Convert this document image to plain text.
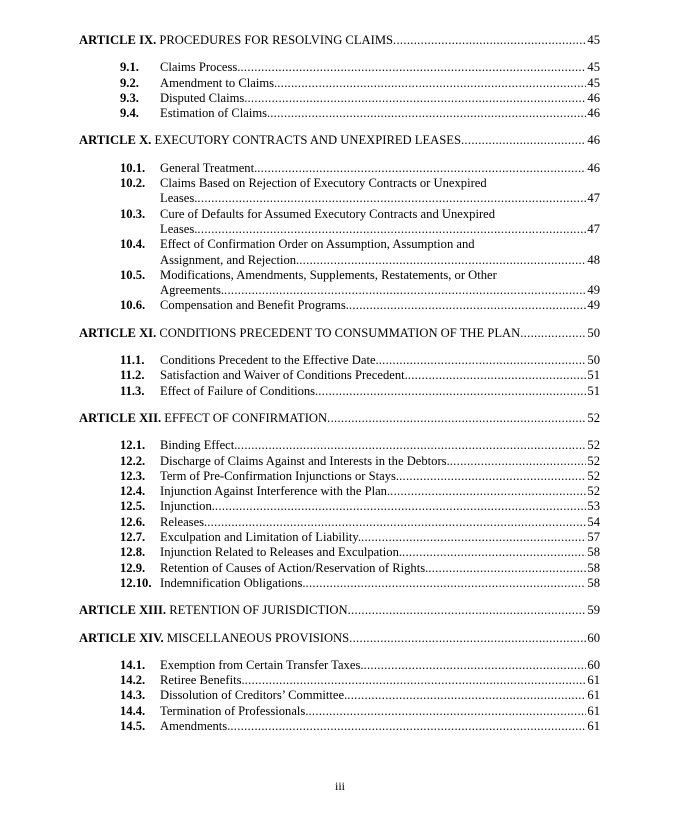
ARTICLE IX. PROCEDURES FOR RESOLVING CLAIMS .....	45
9.1.	Claims Process. .....	45
9.2.	Amendment to Claims. .....	45
9.3.	Disputed Claims. .....	46
9.4.	Estimation of Claims. .....	46
ARTICLE X. EXECUTORY CONTRACTS AND UNEXPIRED LEASES .....	46
10.1.	General Treatment. .....	46
10.2.	Claims Based on Rejection of Executory Contracts or Unexpired
Leases. .....	47
10.3.	Cure of Defaults for Assumed Executory Contracts and Unexpired
Leases. .....	47
10.4.	Effect of Confirmation Order on Assumption, Assumption and
Assignment, and Rejection. .....	48
10.5.	Modifications, Amendments, Supplements, Restatements, or Other
Agreements. .....	49
10.6.	Compensation and Benefit Programs. .....	49
ARTICLE XI. CONDITIONS PRECEDENT TO CONSUMMATION OF THE PLAN .....	50
11.1.	Conditions Precedent to the Effective Date. .....	50
11.2.	Satisfaction and Waiver of Conditions Precedent. .....	51
11.3.	Effect of Failure of Conditions. .....	51
ARTICLE XII. EFFECT OF CONFIRMATION .....	52
12.1.	Binding Effect. .....	52
12.2.	Discharge of Claims Against and Interests in the Debtors. .....	52
12.3.	Term of Pre-Confirmation Injunctions or Stays. .....	52
12.4.	Injunction Against Interference with the Plan. .....	52
12.5.	Injunction. .....	53
12.6.	Releases. .....	54
12.7.	Exculpation and Limitation of Liability. .....	57
12.8.	Injunction Related to Releases and Exculpation. .....	58
12.9.	Retention of Causes of Action/Reservation of Rights. .....	58
12.10. Indemnification Obligations. .....	58
ARTICLE XIII. RETENTION OF JURISDICTION .....	59
ARTICLE XIV. MISCELLANEOUS PROVISIONS .....	60
14.1.	Exemption from Certain Transfer Taxes. .....	60
14.2.	Retiree Benefits. .....	61
14.3.	Dissolution of Creditors’ Committee. .....	61
14.4.	Termination of Professionals. .....	61
14.5.	Amendments. .....	61
iii
